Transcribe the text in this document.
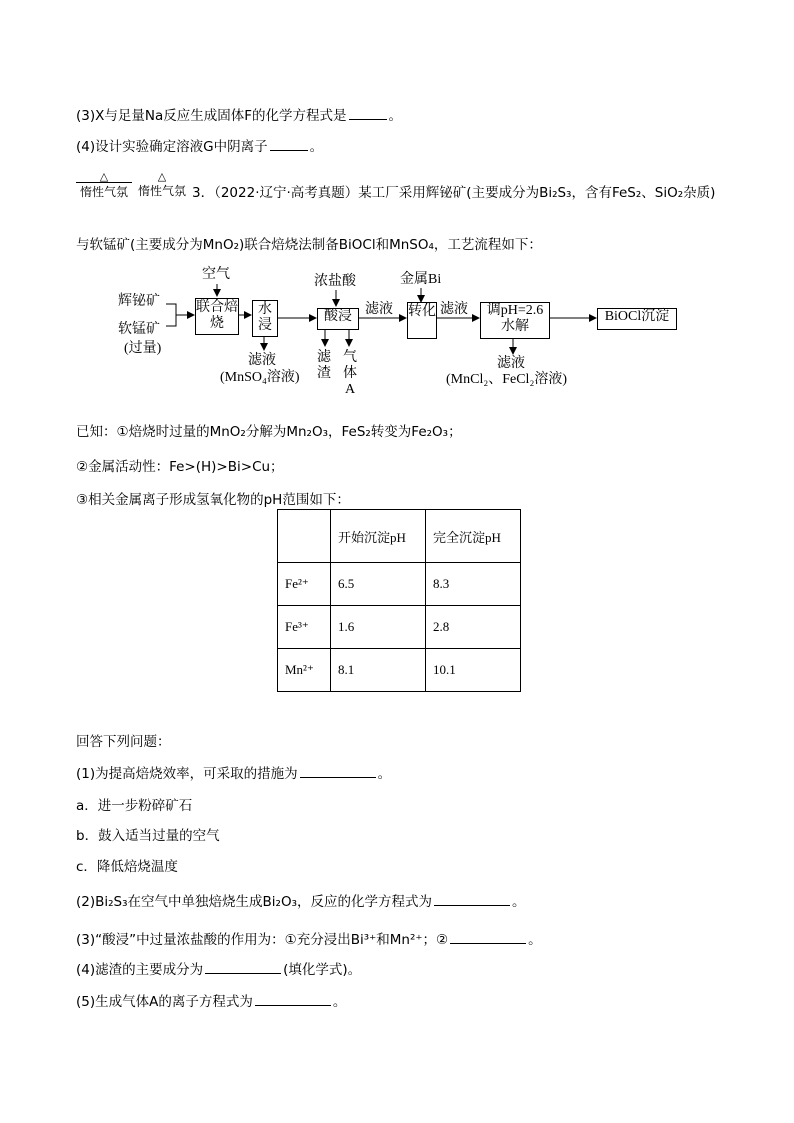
(3)X与足量Na反应生成固体F的化学方程式是	。
(4)设计实验确定溶液G中阴离子	。
△
惰性气氛
△
惰性气氛 3．（2022·辽宁·高考真题）某工厂采用辉铋矿(主要成分为Bi₂S₃，含有FeS₂、SiO₂杂质)
与软锰矿(主要成分为MnO₂)联合焙烧法制备BiOCl和MnSO₄，工艺流程如下：
辉铋矿
软锰矿
(过量)
空气
联合焙烧
水浸
滤液
(MnSO₄溶液)
浓盐酸
酸浸
滤渣
气体A
滤液
金属Bi
转化 滤液	调pH=2.6
水解
滤液
(MnCl₂、FeCl₂溶液)
BiOCl沉淀
已知：①焙烧时过量的MnO₂分解为Mn₂O₃，FeS₂转变为Fe₂O₃；
②金属活动性：Fe>(H)>Bi>Cu；
③相关金属离子形成氢氧化物的pH范围如下：
	开始沉淀pH	完全沉淀pH
Fe²⁺	6.5	8.3
Fe³⁺	1.6	2.8
Mn²⁺	8.1	10.1
回答下列问题：
(1)为提高焙烧效率，可采取的措施为	。
a．进一步粉碎矿石
b．鼓入适当过量的空气
c．降低焙烧温度
(2)Bi₂S₃在空气中单独焙烧生成Bi₂O₃，反应的化学方程式为	。
(3)“酸浸”中过量浓盐酸的作用为：①充分浸出Bi³⁺和Mn²⁺；②	。
(4)滤渣的主要成分为	(填化学式)。
(5)生成气体A的离子方程式为	。
